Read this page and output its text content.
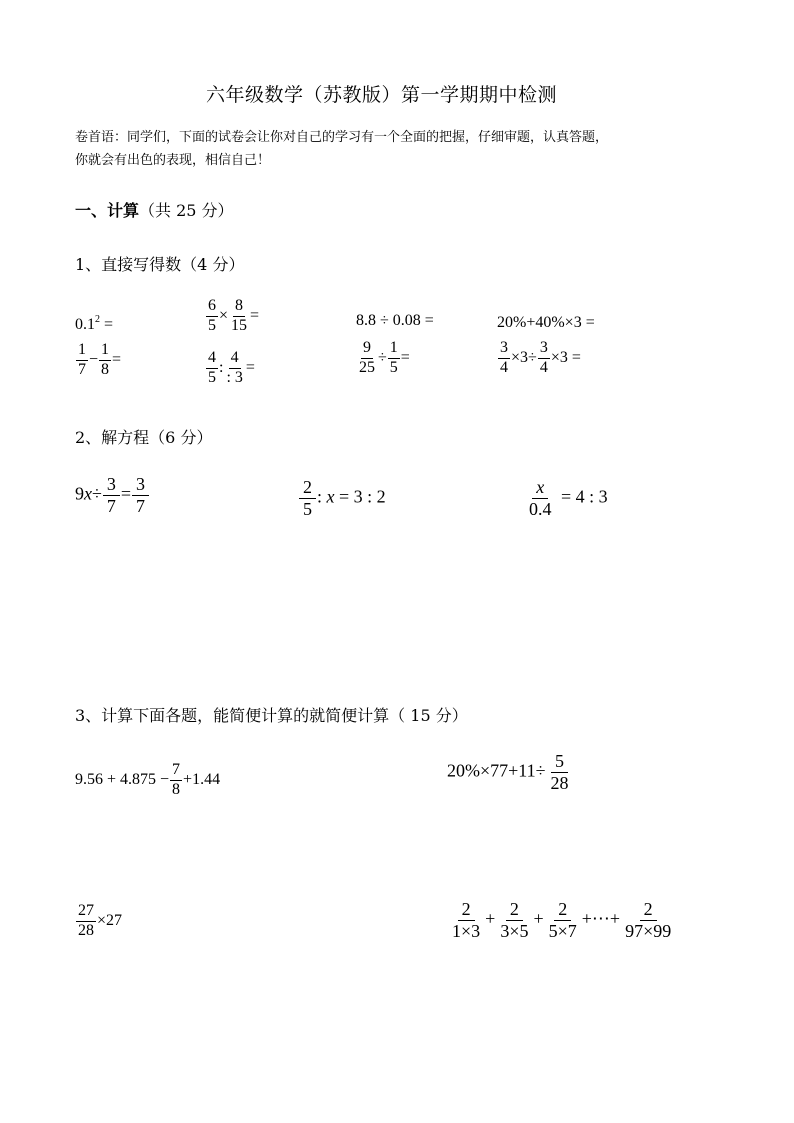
六年级数学（苏教版）第一学期期中检测
卷首语：同学们，下面的试卷会让你对自己的学习有一个全面的把握，仔细审题，认真答题，
你就会有出色的表现，相信自己！
一、计算（共 25 分）
1、直接写得数（4 分）
$0.1^2$ =	$\frac{6}{5} \times \frac{8}{15}$ =	8.8 ÷ 0.08 =	20%+40%×3 =
$\frac{1}{7} - \frac{1}{8}$ =	$\frac{4}{5}$ : $\frac{4}{: 3}$ =	$\frac{9}{25} \div \frac{1}{5}$ =	$\frac{3}{4} \times 3\div \frac{3}{4} \times 3$ =
2、解方程（6 分）
$9x\div \frac{3}{7} = \frac{3}{7}$	$\frac{2}{5}$ : x = 3 : 2	$\frac{x}{0.4} = 4$ : 3
3、计算下面各题，能简便计算的就简便计算（ 15 分）
$9.56 + 4.875 - \frac{7}{8} +1.44$	$20\%\times 77+11\div \frac{5}{28}$
$\frac{27}{28} \times 27$	$\frac{2}{1\times 3} + \frac{2}{3\times 5} + \frac{2}{5\times 7}$ +⋯+ $\frac{2}{97\times 99}$
